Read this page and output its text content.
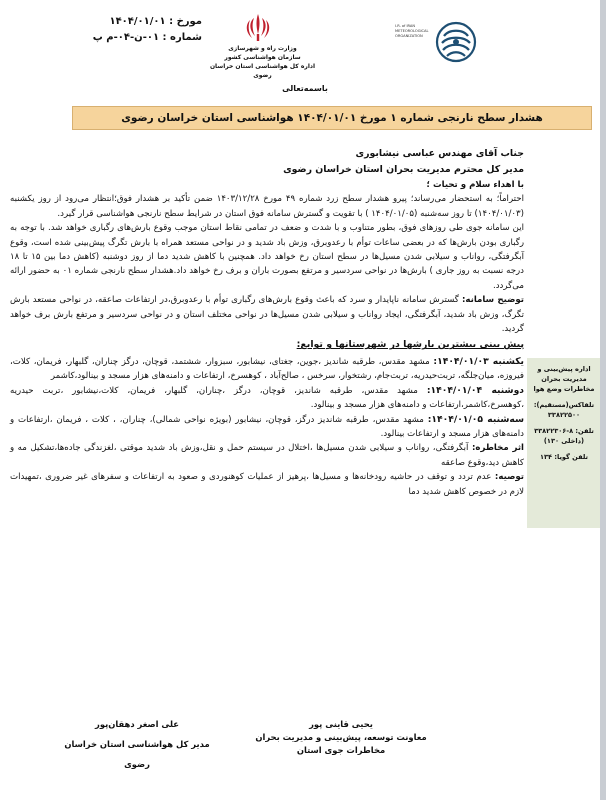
مورخ : ۱۴۰۴/۰۱/۰۱
شماره : ۰۱-ن-۰۴-م پ
وزارت راه و شهرسازی
سازمان هواشناسی کشور
اداره کل هواشناسی استان خراسان رضوی
I.R. of IRAN
METEOROLOGICAL
ORGANIZATION
باسمه‌تعالی
هشدار سطح نارنجی شماره ۱ مورخ ۱۴۰۴/۰۱/۰۱ هواشناسی استان خراسان رضوی

اداره پیش‌بینی و مدیریت بحران مخاطرات وضع هوا

تلفاکس(مستقیم): ۳۳۸۲۲۵۰۰

تلفن: ۸-۳۳۸۲۲۳۰۶

(داخلی ۱۳۰)

تلفن گویا: ۱۳۴

جناب آقای مهندس عباسی نیشابوری

مدیر کل محترم مدیریت بحران استان خراسان رضوی

با اهداء سلام و تحیات ؛

احتراماً؛ به استحضار می‌رساند؛ پیرو هشدار سطح زرد شماره ۴۹ مورخ ۱۴۰۳/۱۲/۲۸ ضمن تأکید بر هشدار فوق؛انتظار می‌رود از روز یکشنبه (۱۴۰۴/۰۱/۰۳) تا روز سه‌شنبه (۱۴۰۴/۰۱/۰۵ ) با تقویت و گسترش سامانه فوق استان در شرایط سطح نارنجی هواشناسی قرار گیرد.

این سامانه جوی طی روزهای فوق، بطور متناوب و با شدت و ضعف در تمامی نقاط استان موجب وقوع بارش‌های رگباری خواهد شد. با توجه به رگباری بودن بارش‌ها که در بعضی ساعات توأم با رعدوبرق، وزش باد شدید و در نواحی مستعد همراه با بارش تگرگ پیش‌بینی شده است، وقوع آبگرفتگی، رواناب و سیلابی شدن مسیل‌ها در سطح استان رخ خواهد داد. همچنین با کاهش شدید دما از روز دوشنبه (کاهش دما بین ۱۵ تا ۱۸ درجه نسبت به روز جاری ) بارش‌ها در نواحی سردسیر و مرتفع بصورت باران و برف رخ خواهد داد.هشدار سطح نارنجی شماره ۰۱ به حضور ارائه می‌گردد.

توضیح سامانه: گسترش سامانه ناپایدار و سرد که باعث وقوع بارش‌های رگباری توأم با رعدوبرق،در ارتفاعات صاعقه، در نواحی مستعد بارش تگرگ، وزش باد شدید، آبگرفتگی، ایجاد رواناب و سیلابی شدن مسیل‌ها در نواحی مختلف استان و در نواحی سردسیر و مرتفع بارش برف خواهد گردید.

پیش بینی بیشترین بارشها در شهرستانها و توابع:

یکشنبه ۱۴۰۴/۰۱/۰۳: مشهد مقدس، طرقبه شاندیز ،جوین، جغتای، نیشابور، سبزوار، ششتمد، قوچان، درگز چناران، گلبهار، فریمان، کلات، فیروزه، میان‌جلگه، تربت‌حیدریه، تربت‌جام، رشتخوار، سرخس ، صالح‌آباد ، کوهسرخ، ارتفاعات و دامنه‌های هزار مسجد و بینالود،کاشمر

دوشنبه ۱۴۰۴/۰۱/۰۴: مشهد مقدس، طرقبه شاندیز، قوچان، درگز ،چناران، گلبهار، فریمان، کلات،نیشابور ،تربت حیدریه ،کوهسرخ،کاشمر،ارتفاعات و دامنه‌های هزار مسجد و بینالود.

سه‌شنبه ۱۴۰۴/۰۱/۰۵: مشهد مقدس، طرقبه شاندیز درگز، قوچان، نیشابور (بویژه نواحی شمالی)، چناران، ، کلات ، فریمان ،ارتفاعات و دامنه‌های هزار مسجد و ارتفاعات بینالود.

اثر مخاطره: آبگرفتگی، رواناب و سیلابی شدن مسیل‌ها ،اختلال در سیستم حمل و نقل،وزش باد شدید موقتی ،لغزندگی جاده‌ها،تشکیل مه و کاهش دید،وقوع صاعقه

توصیه: عدم تردد و توقف در حاشیه رودخانه‌ها و مسیل‌ها ،پرهیز از عملیات کوهنوردی و صعود به ارتفاعات و سفرهای غیر ضروری ،تمهیدات لازم در خصوص کاهش شدید دما

یحیی قاینی پور
معاونت توسعه، پیش‌بینی و مدیریت بحران مخاطرات جوی استان
علی اصغر دهقان‌پور
مدیر کل هواشناسی استان خراسان رضوی
